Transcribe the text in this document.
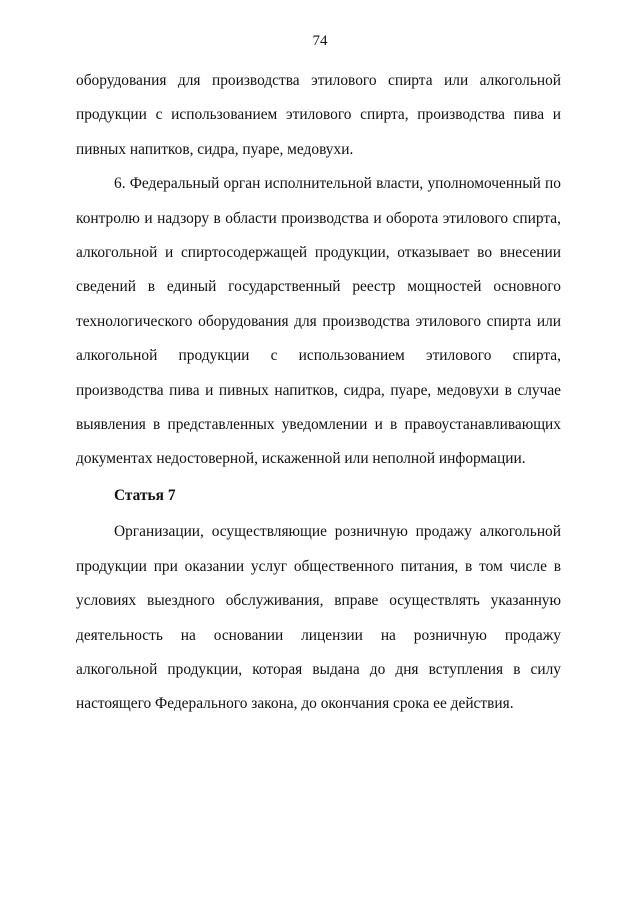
74

оборудования для производства этилового спирта или алкогольной продукции с использованием этилового спирта, производства пива и пивных напитков, сидра, пуаре, медовухи.

6. Федеральный орган исполнительной власти, уполномоченный по контролю и надзору в области производства и оборота этилового спирта, алкогольной и спиртосодержащей продукции, отказывает во внесении сведений в единый государственный реестр мощностей основного технологического оборудования для производства этилового спирта или алкогольной продукции с использованием этилового спирта, производства пива и пивных напитков, сидра, пуаре, медовухи в случае выявления в представленных уведомлении и в правоустанавливающих документах недостоверной, искаженной или неполной информации.

Статья 7

Организации, осуществляющие розничную продажу алкогольной продукции при оказании услуг общественного питания, в том числе в условиях выездного обслуживания, вправе осуществлять указанную деятельность на основании лицензии на розничную продажу алкогольной продукции, которая выдана до дня вступления в силу настоящего Федерального закона, до окончания срока ее действия.
